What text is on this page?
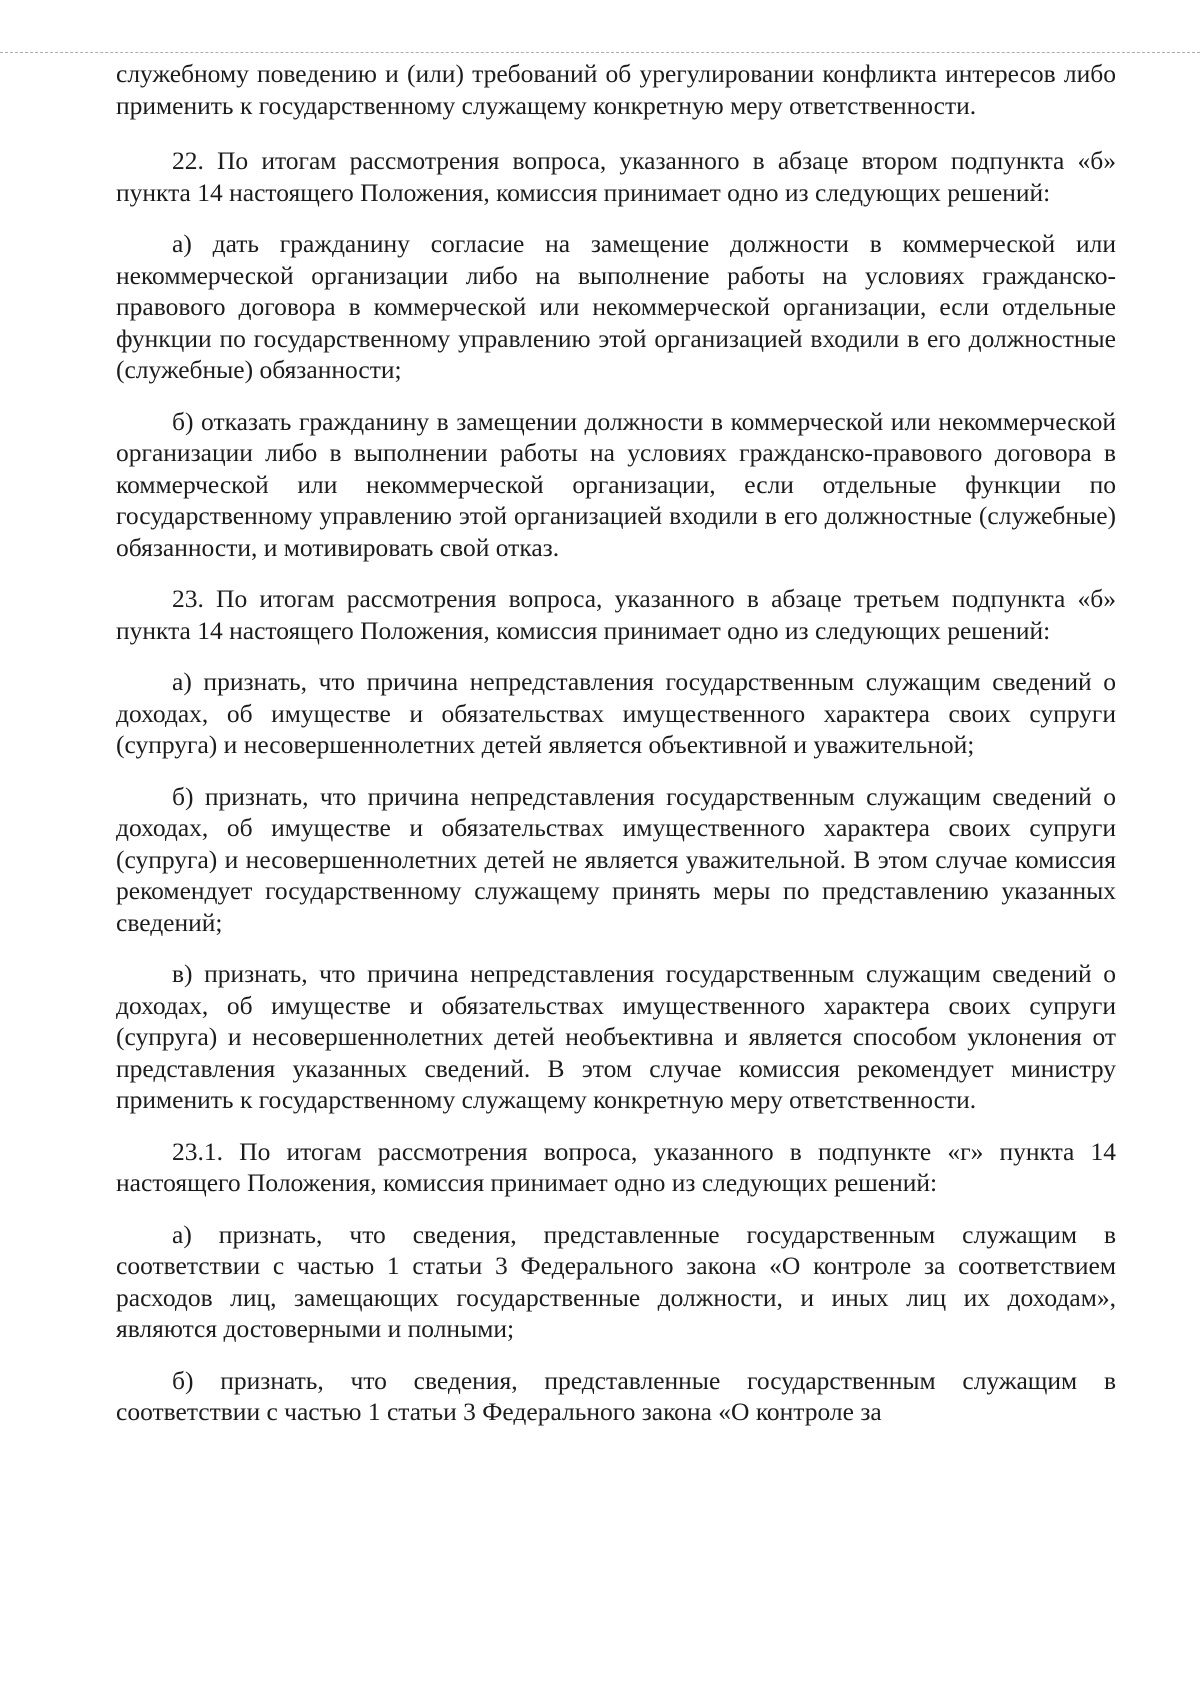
служебному поведению и (или) требований об урегулировании конфликта интересов либо применить к государственному служащему конкретную меру ответственности.

22. По итогам рассмотрения вопроса, указанного в абзаце втором подпункта «б» пункта 14 настоящего Положения, комиссия принимает одно из следующих решений:

а) дать гражданину согласие на замещение должности в коммерческой или некоммерческой организации либо на выполнение работы на условиях гражданско-правового договора в коммерческой или некоммерческой организации, если отдельные функции по государственному управлению этой организацией входили в его должностные (служебные) обязанности;

б) отказать гражданину в замещении должности в коммерческой или некоммерческой организации либо в выполнении работы на условиях гражданско-правового договора в коммерческой или некоммерческой организации, если отдельные функции по государственному управлению этой организацией входили в его должностные (служебные) обязанности, и мотивировать свой отказ.

23. По итогам рассмотрения вопроса, указанного в абзаце третьем подпункта «б» пункта 14 настоящего Положения, комиссия принимает одно из следующих решений:

а) признать, что причина непредставления государственным служащим сведений о доходах, об имуществе и обязательствах имущественного характера своих супруги (супруга) и несовершеннолетних детей является объективной и уважительной;

б) признать, что причина непредставления государственным служащим сведений о доходах, об имуществе и обязательствах имущественного характера своих супруги (супруга) и несовершеннолетних детей не является уважительной. В этом случае комиссия рекомендует государственному служащему принять меры по представлению указанных сведений;

в) признать, что причина непредставления государственным служащим сведений о доходах, об имуществе и обязательствах имущественного характера своих супруги (супруга) и несовершеннолетних детей необъективна и является способом уклонения от представления указанных сведений. В этом случае комиссия рекомендует министру применить к государственному служащему конкретную меру ответственности.

23.1. По итогам рассмотрения вопроса, указанного в подпункте «г» пункта 14 настоящего Положения, комиссия принимает одно из следующих решений:

а) признать, что сведения, представленные государственным служащим в соответствии с частью 1 статьи 3 Федерального закона «О контроле за соответствием расходов лиц, замещающих государственные должности, и иных лиц их доходам», являются достоверными и полными;

б) признать, что сведения, представленные государственным служащим в соответствии с частью 1 статьи 3 Федерального закона «О контроле за
